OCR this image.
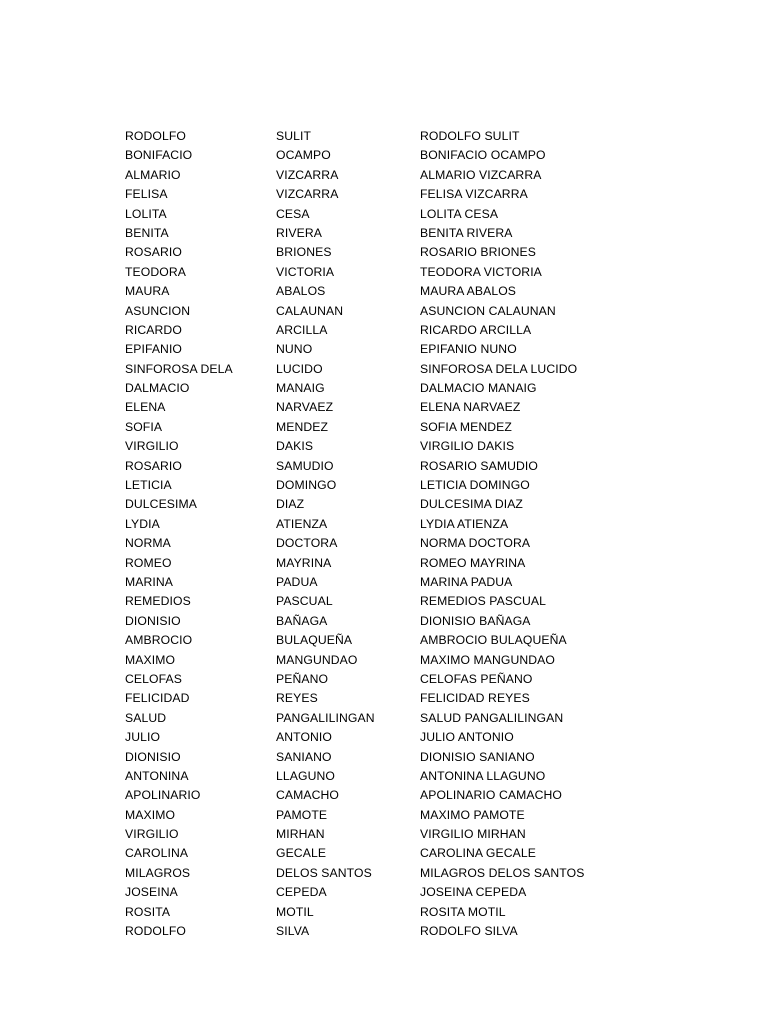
RODOLFO	SULIT	RODOLFO SULIT
BONIFACIO	OCAMPO	BONIFACIO OCAMPO
ALMARIO	VIZCARRA	ALMARIO VIZCARRA
FELISA	VIZCARRA	FELISA VIZCARRA
LOLITA	CESA	LOLITA CESA
BENITA	RIVERA	BENITA RIVERA
ROSARIO	BRIONES	ROSARIO BRIONES
TEODORA	VICTORIA	TEODORA VICTORIA
MAURA	ABALOS	MAURA ABALOS
ASUNCION	CALAUNAN	ASUNCION CALAUNAN
RICARDO	ARCILLA	RICARDO ARCILLA
EPIFANIO	NUNO	EPIFANIO NUNO
SINFOROSA DELA	LUCIDO	SINFOROSA DELA LUCIDO
DALMACIO	MANAIG	DALMACIO MANAIG
ELENA	NARVAEZ	ELENA NARVAEZ
SOFIA	MENDEZ	SOFIA MENDEZ
VIRGILIO	DAKIS	VIRGILIO DAKIS
ROSARIO	SAMUDIO	ROSARIO SAMUDIO
LETICIA	DOMINGO	LETICIA DOMINGO
DULCESIMA	DIAZ	DULCESIMA DIAZ
LYDIA	ATIENZA	LYDIA ATIENZA
NORMA	DOCTORA	NORMA DOCTORA
ROMEO	MAYRINA	ROMEO MAYRINA
MARINA	PADUA	MARINA PADUA
REMEDIOS	PASCUAL	REMEDIOS PASCUAL
DIONISIO	BAÑAGA	DIONISIO BAÑAGA
AMBROCIO	BULAQUEÑA	AMBROCIO BULAQUEÑA
MAXIMO	MANGUNDAO	MAXIMO MANGUNDAO
CELOFAS	PEÑANO	CELOFAS PEÑANO
FELICIDAD	REYES	FELICIDAD REYES
SALUD	PANGALILINGAN	SALUD PANGALILINGAN
JULIO	ANTONIO	JULIO ANTONIO
DIONISIO	SANIANO	DIONISIO SANIANO
ANTONINA	LLAGUNO	ANTONINA LLAGUNO
APOLINARIO	CAMACHO	APOLINARIO CAMACHO
MAXIMO	PAMOTE	MAXIMO PAMOTE
VIRGILIO	MIRHAN	VIRGILIO MIRHAN
CAROLINA	GECALE	CAROLINA GECALE
MILAGROS	DELOS SANTOS	MILAGROS DELOS SANTOS
JOSEINA	CEPEDA	JOSEINA CEPEDA
ROSITA	MOTIL	ROSITA MOTIL
RODOLFO	SILVA	RODOLFO SILVA
